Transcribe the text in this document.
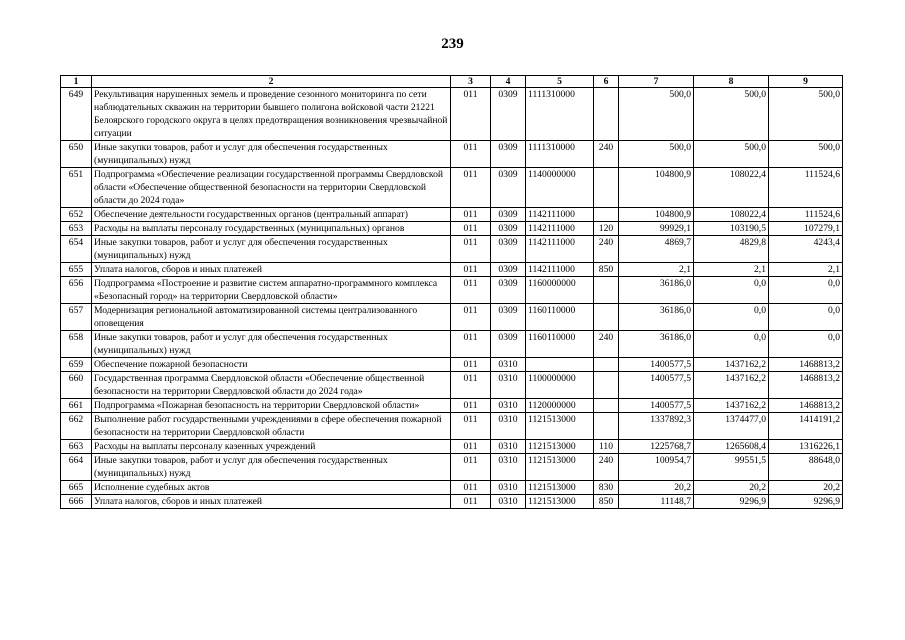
239
1	2	3	4	5	6	7	8	9
649	Рекультивация нарушенных земель и проведение сезонного мониторинга по сети наблюдательных скважин на территории бывшего полигона войсковой части 21221 Белоярского городского округа в целях предотвращения возникновения чрезвычайной ситуации	011	0309	1111310000		500,0	500,0	500,0
650	Иные закупки товаров, работ и услуг для обеспечения государственных (муниципальных) нужд	011	0309	1111310000	240	500,0	500,0	500,0
651	Подпрограмма «Обеспечение реализации государственной программы Свердловской области «Обеспечение общественной безопасности на территории Свердловской области до 2024 года»	011	0309	1140000000		104800,9	108022,4	111524,6
652	Обеспечение деятельности государственных органов (центральный аппарат)	011	0309	1142111000		104800,9	108022,4	111524,6
653	Расходы на выплаты персоналу государственных (муниципальных) органов	011	0309	1142111000	120	99929,1	103190,5	107279,1
654	Иные закупки товаров, работ и услуг для обеспечения государственных (муниципальных) нужд	011	0309	1142111000	240	4869,7	4829,8	4243,4
655	Уплата налогов, сборов и иных платежей	011	0309	1142111000	850	2,1	2,1	2,1
656	Подпрограмма «Построение и развитие систем аппаратно-программного комплекса «Безопасный город» на территории Свердловской области»	011	0309	1160000000		36186,0	0,0	0,0
657	Модернизация региональной автоматизированной системы централизованного оповещения	011	0309	1160110000		36186,0	0,0	0,0
658	Иные закупки товаров, работ и услуг для обеспечения государственных (муниципальных) нужд	011	0309	1160110000	240	36186,0	0,0	0,0
659	Обеспечение пожарной безопасности	011	0310			1400577,5	1437162,2	1468813,2
660	Государственная программа Свердловской области «Обеспечение общественной безопасности на территории Свердловской области до 2024 года»	011	0310	1100000000		1400577,5	1437162,2	1468813,2
661	Подпрограмма «Пожарная безопасность на территории Свердловской области»	011	0310	1120000000		1400577,5	1437162,2	1468813,2
662	Выполнение работ государственными учреждениями в сфере обеспечения пожарной безопасности на территории Свердловской области	011	0310	1121513000		1337892,3	1374477,0	1414191,2
663	Расходы на выплаты персоналу казенных учреждений	011	0310	1121513000	110	1225768,7	1265608,4	1316226,1
664	Иные закупки товаров, работ и услуг для обеспечения государственных (муниципальных) нужд	011	0310	1121513000	240	100954,7	99551,5	88648,0
665	Исполнение судебных актов	011	0310	1121513000	830	20,2	20,2	20,2
666	Уплата налогов, сборов и иных платежей	011	0310	1121513000	850	11148,7	9296,9	9296,9
